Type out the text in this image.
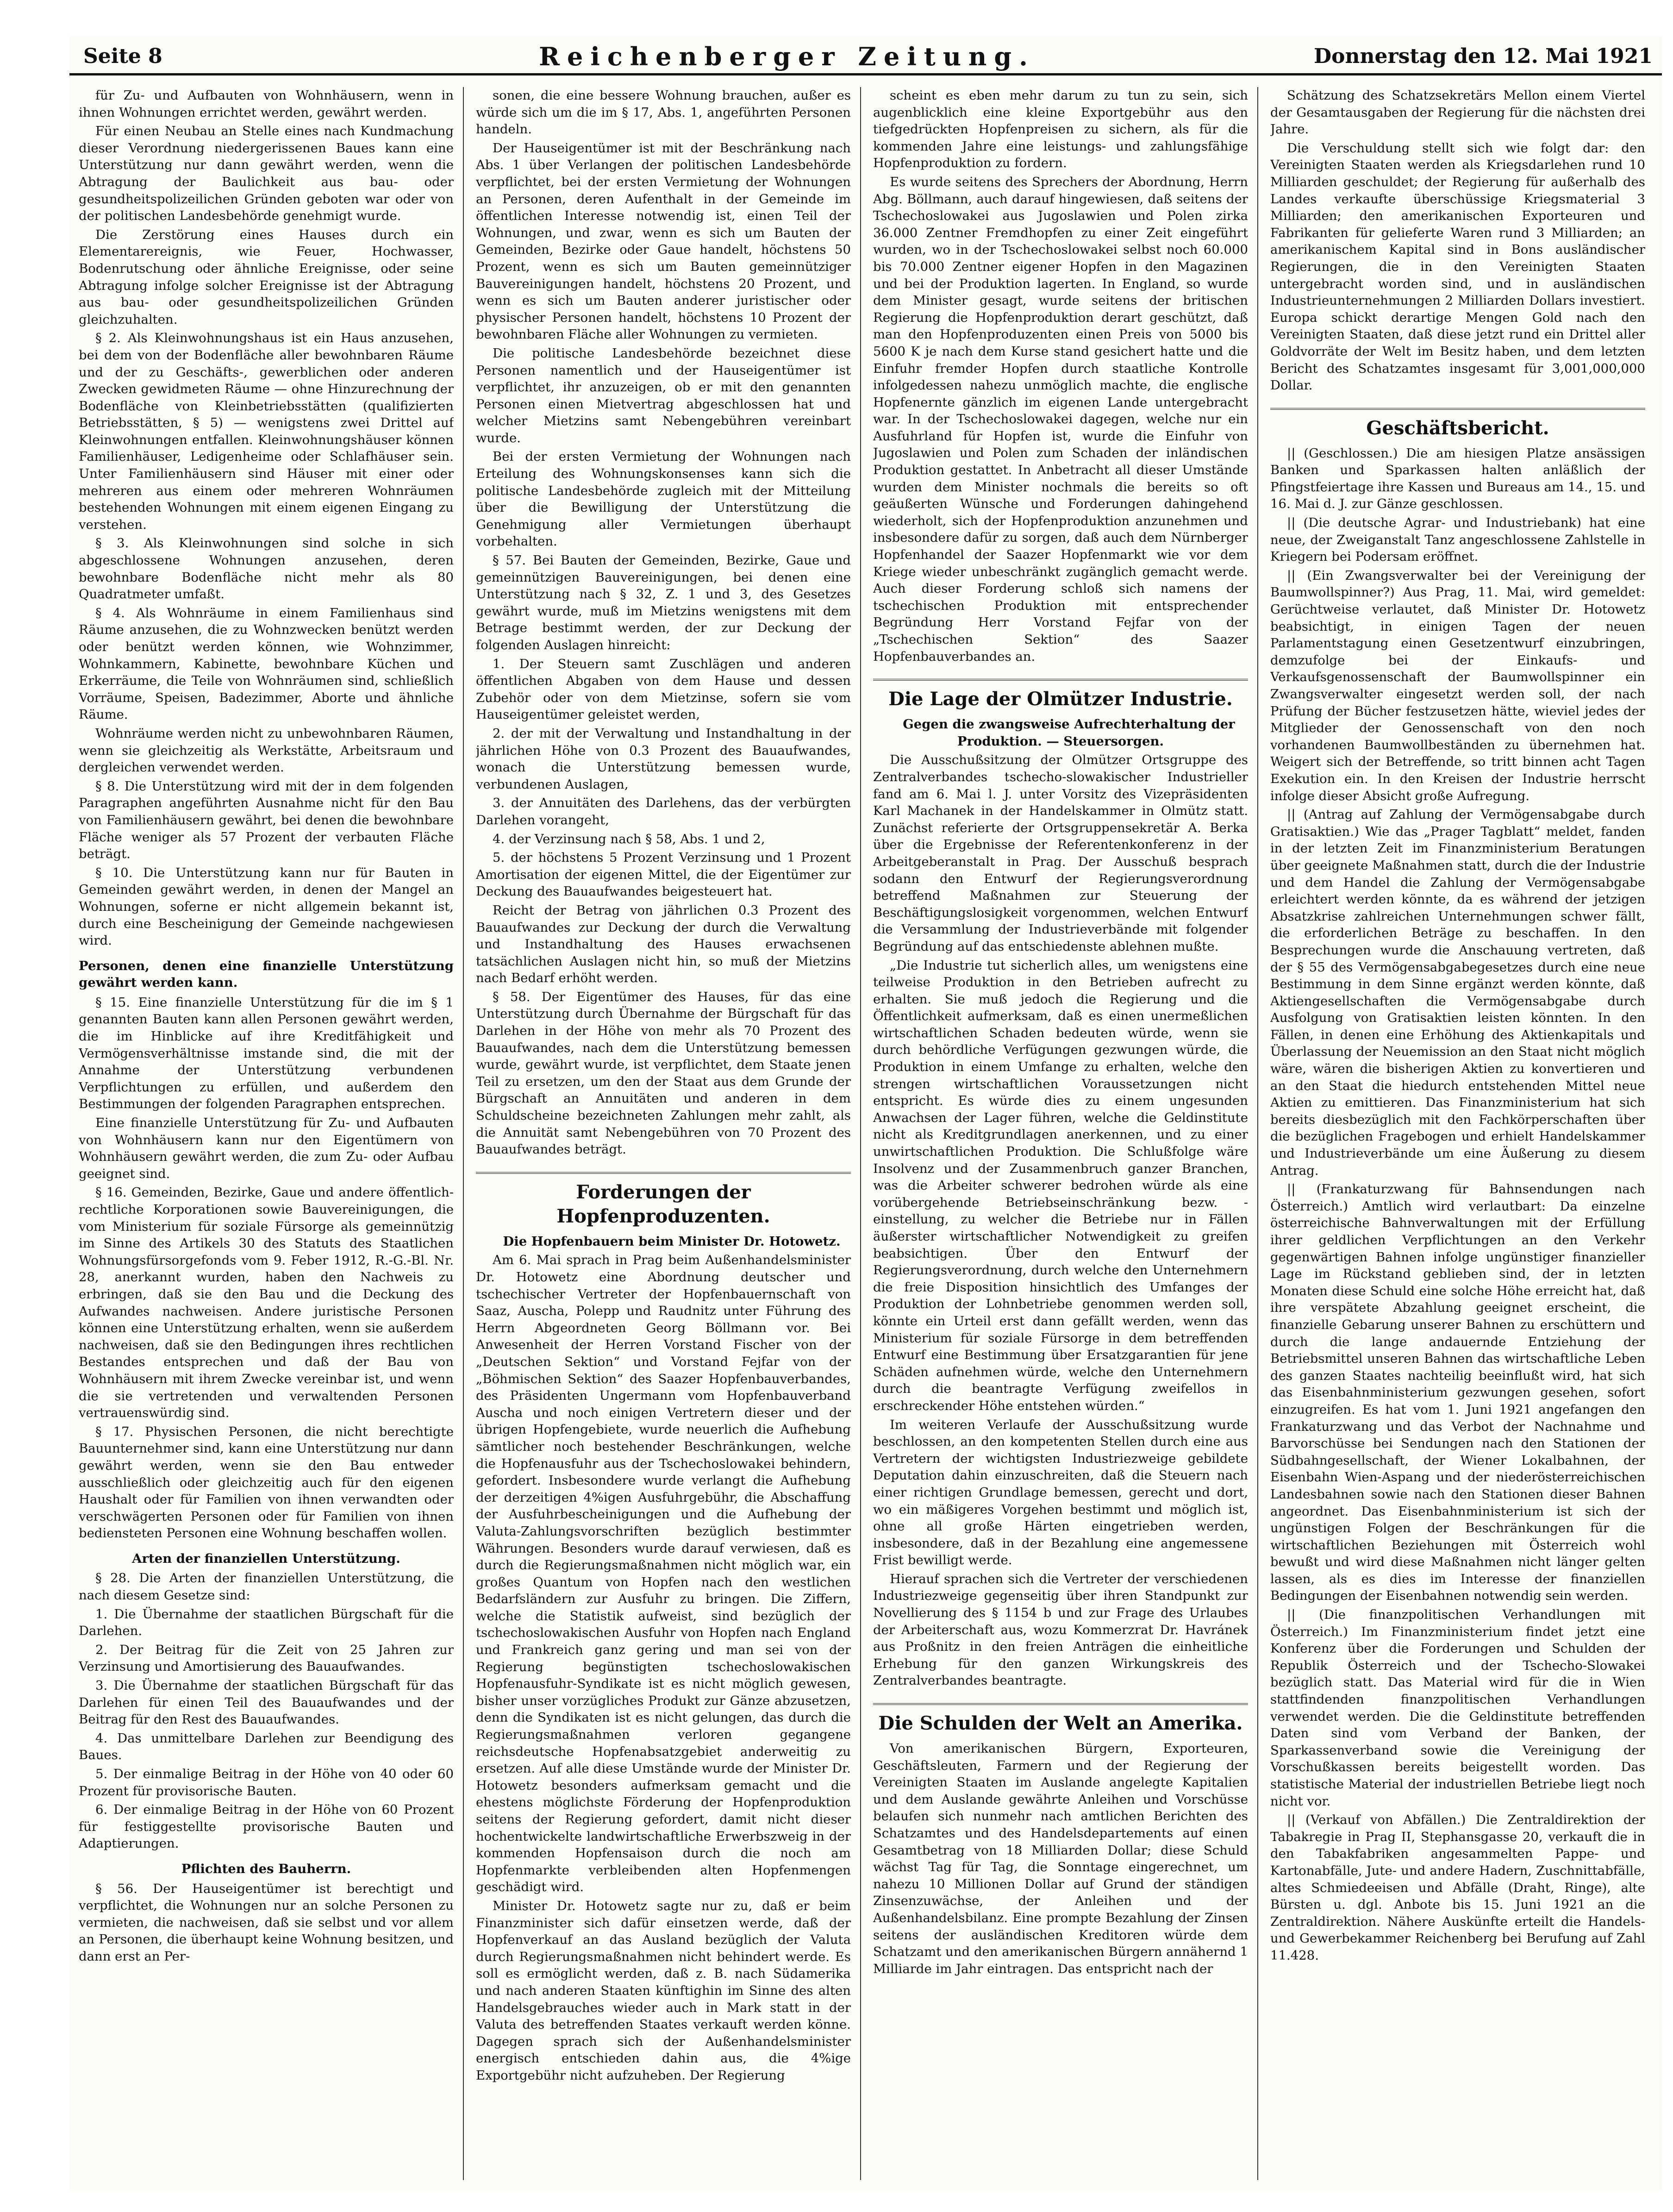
Seite 8	Reichenberger Zeitung.	Donnerstag den 12. Mai 1921

für Zu- und Aufbauten von Wohnhäusern, wenn in ihnen Wohnungen errichtet werden, gewährt werden.

Für einen Neubau an Stelle eines nach Kundmachung dieser Verordnung niedergerissenen Baues kann eine Unterstützung nur dann gewährt werden, wenn die Abtragung der Baulichkeit aus bau- oder gesundheitspolizeilichen Gründen geboten war oder von der politischen Landesbehörde genehmigt wurde.

Die Zerstörung eines Hauses durch ein Elementarereignis, wie Feuer, Hochwasser, Bodenrutschung oder ähnliche Ereignisse, oder seine Abtragung infolge solcher Ereignisse ist der Abtragung aus bau- oder gesundheitspolizeilichen Gründen gleichzuhalten.

§ 2. Als Kleinwohnungshaus ist ein Haus anzusehen, bei dem von der Bodenfläche aller bewohnbaren Räume und der zu Geschäfts-, gewerblichen oder anderen Zwecken gewidmeten Räume — ohne Hinzurechnung der Bodenfläche von Kleinbetriebsstätten (qualifizierten Betriebsstätten, § 5) — wenigstens zwei Drittel auf Kleinwohnungen entfallen. Kleinwohnungshäuser können Familienhäuser, Ledigenheime oder Schlafhäuser sein. Unter Familienhäusern sind Häuser mit einer oder mehreren aus einem oder mehreren Wohnräumen bestehenden Wohnungen mit einem eigenen Eingang zu verstehen.

§ 3. Als Kleinwohnungen sind solche in sich abgeschlossene Wohnungen anzusehen, deren bewohnbare Bodenfläche nicht mehr als 80 Quadratmeter umfaßt.

§ 4. Als Wohnräume in einem Familienhaus sind Räume anzusehen, die zu Wohnzwecken benützt werden oder benützt werden können, wie Wohnzimmer, Wohnkammern, Kabinette, bewohnbare Küchen und Erkerräume, die Teile von Wohnräumen sind, schließlich Vorräume, Speisen, Badezimmer, Aborte und ähnliche Räume.

Wohnräume werden nicht zu unbewohnbaren Räumen, wenn sie gleichzeitig als Werkstätte, Arbeitsraum und dergleichen verwendet werden.

§ 8. Die Unterstützung wird mit der in dem folgenden Paragraphen angeführten Ausnahme nicht für den Bau von Familienhäusern gewährt, bei denen die bewohnbare Fläche weniger als 57 Prozent der verbauten Fläche beträgt.

§ 10. Die Unterstützung kann nur für Bauten in Gemeinden gewährt werden, in denen der Mangel an Wohnungen, soferne er nicht allgemein bekannt ist, durch eine Bescheinigung der Gemeinde nachgewiesen wird.

Personen, denen eine finanzielle Unterstützung gewährt werden kann.

§ 15. Eine finanzielle Unterstützung für die im § 1 genannten Bauten kann allen Personen gewährt werden, die im Hinblicke auf ihre Kreditfähigkeit und Vermögensverhältnisse imstande sind, die mit der Annahme der Unterstützung verbundenen Verpflichtungen zu erfüllen, und außerdem den Bestimmungen der folgenden Paragraphen entsprechen.

Eine finanzielle Unterstützung für Zu- und Aufbauten von Wohnhäusern kann nur den Eigentümern von Wohnhäusern gewährt werden, die zum Zu- oder Aufbau geeignet sind.

§ 16. Gemeinden, Bezirke, Gaue und andere öffentlich-rechtliche Korporationen sowie Bauvereinigungen, die vom Ministerium für soziale Fürsorge als gemeinnützig im Sinne des Artikels 30 des Statuts des Staatlichen Wohnungsfürsorgefonds vom 9. Feber 1912, R.-G.-Bl. Nr. 28, anerkannt wurden, haben den Nachweis zu erbringen, daß sie den Bau und die Deckung des Aufwandes nachweisen. Andere juristische Personen können eine Unterstützung erhalten, wenn sie außerdem nachweisen, daß sie den Bedingungen ihres rechtlichen Bestandes entsprechen und daß der Bau von Wohnhäusern mit ihrem Zwecke vereinbar ist, und wenn die sie vertretenden und verwaltenden Personen vertrauenswürdig sind.

§ 17. Physischen Personen, die nicht berechtigte Bauunternehmer sind, kann eine Unterstützung nur dann gewährt werden, wenn sie den Bau entweder ausschließlich oder gleichzeitig auch für den eigenen Haushalt oder für Familien von ihnen verwandten oder verschwägerten Personen oder für Familien von ihnen bediensteten Personen eine Wohnung beschaffen wollen.

Arten der finanziellen Unterstützung.

§ 28. Die Arten der finanziellen Unterstützung, die nach diesem Gesetze sind:

1. Die Übernahme der staatlichen Bürgschaft für die Darlehen.

2. Der Beitrag für die Zeit von 25 Jahren zur Verzinsung und Amortisierung des Bauaufwandes.

3. Die Übernahme der staatlichen Bürgschaft für das Darlehen für einen Teil des Bauaufwandes und der Beitrag für den Rest des Bauaufwandes.

4. Das unmittelbare Darlehen zur Beendigung des Baues.

5. Der einmalige Beitrag in der Höhe von 40 oder 60 Prozent für provisorische Bauten.

6. Der einmalige Beitrag in der Höhe von 60 Prozent für festiggestellte provisorische Bauten und Adaptierungen.

Pflichten des Bauherrn.

§ 56. Der Hauseigentümer ist berechtigt und verpflichtet, die Wohnungen nur an solche Personen zu vermieten, die nachweisen, daß sie selbst und vor allem an Personen, die überhaupt keine Wohnung besitzen, und dann erst an Per-

sonen, die eine bessere Wohnung brauchen, außer es würde sich um die im § 17, Abs. 1, angeführten Personen handeln.

Der Hauseigentümer ist mit der Beschränkung nach Abs. 1 über Verlangen der politischen Landesbehörde verpflichtet, bei der ersten Vermietung der Wohnungen an Personen, deren Aufenthalt in der Gemeinde im öffentlichen Interesse notwendig ist, einen Teil der Wohnungen, und zwar, wenn es sich um Bauten der Gemeinden, Bezirke oder Gaue handelt, höchstens 50 Prozent, wenn es sich um Bauten gemeinnütziger Bauvereinigungen handelt, höchstens 20 Prozent, und wenn es sich um Bauten anderer juristischer oder physischer Personen handelt, höchstens 10 Prozent der bewohnbaren Fläche aller Wohnungen zu vermieten.

Die politische Landesbehörde bezeichnet diese Personen namentlich und der Hauseigentümer ist verpflichtet, ihr anzuzeigen, ob er mit den genannten Personen einen Mietvertrag abgeschlossen hat und welcher Mietzins samt Nebengebühren vereinbart wurde.

Bei der ersten Vermietung der Wohnungen nach Erteilung des Wohnungskonsenses kann sich die politische Landesbehörde zugleich mit der Mitteilung über die Bewilligung der Unterstützung die Genehmigung aller Vermietungen überhaupt vorbehalten.

§ 57. Bei Bauten der Gemeinden, Bezirke, Gaue und gemeinnützigen Bauvereinigungen, bei denen eine Unterstützung nach § 32, Z. 1 und 3, des Gesetzes gewährt wurde, muß im Mietzins wenigstens mit dem Betrage bestimmt werden, der zur Deckung der folgenden Auslagen hinreicht:

1. Der Steuern samt Zuschlägen und anderen öffentlichen Abgaben von dem Hause und dessen Zubehör oder von dem Mietzinse, sofern sie vom Hauseigentümer geleistet werden,

2. der mit der Verwaltung und Instandhaltung in der jährlichen Höhe von 0.3 Prozent des Bauaufwandes, wonach die Unterstützung bemessen wurde, verbundenen Auslagen,

3. der Annuitäten des Darlehens, das der verbürgten Darlehen vorangeht,

4. der Verzinsung nach § 58, Abs. 1 und 2,

5. der höchstens 5 Prozent Verzinsung und 1 Prozent Amortisation der eigenen Mittel, die der Eigentümer zur Deckung des Bauaufwandes beigesteuert hat.

Reicht der Betrag von jährlichen 0.3 Prozent des Bauaufwandes zur Deckung der durch die Verwaltung und Instandhaltung des Hauses erwachsenen tatsächlichen Auslagen nicht hin, so muß der Mietzins nach Bedarf erhöht werden.

§ 58. Der Eigentümer des Hauses, für das eine Unterstützung durch Übernahme der Bürgschaft für das Darlehen in der Höhe von mehr als 70 Prozent des Bauaufwandes, nach dem die Unterstützung bemessen wurde, gewährt wurde, ist verpflichtet, dem Staate jenen Teil zu ersetzen, um den der Staat aus dem Grunde der Bürgschaft an Annuitäten und anderen in dem Schuldscheine bezeichneten Zahlungen mehr zahlt, als die Annuität samt Nebengebühren von 70 Prozent des Bauaufwandes beträgt.

Forderungen der Hopfenproduzenten.

Die Hopfenbauern beim Minister Dr. Hotowetz.

Am 6. Mai sprach in Prag beim Außenhandelsminister Dr. Hotowetz eine Abordnung deutscher und tschechischer Vertreter der Hopfenbauernschaft von Saaz, Auscha, Polepp und Raudnitz unter Führung des Herrn Abgeordneten Georg Böllmann vor. Bei Anwesenheit der Herren Vorstand Fischer von der „Deutschen Sektion“ und Vorstand Fejfar von der „Böhmischen Sektion“ des Saazer Hopfenbauverbandes, des Präsidenten Ungermann vom Hopfenbauverband Auscha und noch einigen Vertretern dieser und der übrigen Hopfengebiete, wurde neuerlich die Aufhebung sämtlicher noch bestehender Beschränkungen, welche die Hopfenausfuhr aus der Tschechoslowakei behindern, gefordert. Insbesondere wurde verlangt die Aufhebung der derzeitigen 4%igen Ausfuhrgebühr, die Abschaffung der Ausfuhrbescheinigungen und die Aufhebung der Valuta-Zahlungsvorschriften bezüglich bestimmter Währungen. Besonders wurde darauf verwiesen, daß es durch die Regierungsmaßnahmen nicht möglich war, ein großes Quantum von Hopfen nach den westlichen Bedarfsländern zur Ausfuhr zu bringen. Die Ziffern, welche die Statistik aufweist, sind bezüglich der tschechoslowakischen Ausfuhr von Hopfen nach England und Frankreich ganz gering und man sei von der Regierung begünstigten tschechoslowakischen Hopfenausfuhr-Syndikate ist es nicht möglich gewesen, bisher unser vorzügliches Produkt zur Gänze abzusetzen, denn die Syndikaten ist es nicht gelungen, das durch die Regierungsmaßnahmen verloren gegangene reichsdeutsche Hopfenabsatzgebiet anderweitig zu ersetzen. Auf alle diese Umstände wurde der Minister Dr. Hotowetz besonders aufmerksam gemacht und die ehestens möglichste Förderung der Hopfenproduktion seitens der Regierung gefordert, damit nicht dieser hochentwickelte landwirtschaftliche Erwerbszweig in der kommenden Hopfensaison durch die noch am Hopfenmarkte verbleibenden alten Hopfenmengen geschädigt wird.

Minister Dr. Hotowetz sagte nur zu, daß er beim Finanzminister sich dafür einsetzen werde, daß der Hopfenverkauf an das Ausland bezüglich der Valuta durch Regierungsmaßnahmen nicht behindert werde. Es soll es ermöglicht werden, daß z. B. nach Südamerika und nach anderen Staaten künftighin im Sinne des alten Handelsgebrauches wieder auch in Mark statt in der Valuta des betreffenden Staates verkauft werden könne. Dagegen sprach sich der Außenhandelsminister energisch entschieden dahin aus, die 4%ige Exportgebühr nicht aufzuheben. Der Regierung

scheint es eben mehr darum zu tun zu sein, sich augenblicklich eine kleine Exportgebühr aus den tiefgedrückten Hopfenpreisen zu sichern, als für die kommenden Jahre eine leistungs- und zahlungsfähige Hopfenproduktion zu fordern.

Es wurde seitens des Sprechers der Abordnung, Herrn Abg. Böllmann, auch darauf hingewiesen, daß seitens der Tschechoslowakei aus Jugoslawien und Polen zirka 36.000 Zentner Fremdhopfen zu einer Zeit eingeführt wurden, wo in der Tschechoslowakei selbst noch 60.000 bis 70.000 Zentner eigener Hopfen in den Magazinen und bei der Produktion lagerten. In England, so wurde dem Minister gesagt, wurde seitens der britischen Regierung die Hopfenproduktion derart geschützt, daß man den Hopfenproduzenten einen Preis von 5000 bis 5600 K je nach dem Kurse stand gesichert hatte und die Einfuhr fremder Hopfen durch staatliche Kontrolle infolgedessen nahezu unmöglich machte, die englische Hopfenernte gänzlich im eigenen Lande untergebracht war. In der Tschechoslowakei dagegen, welche nur ein Ausfuhrland für Hopfen ist, wurde die Einfuhr von Jugoslawien und Polen zum Schaden der inländischen Produktion gestattet. In Anbetracht all dieser Umstände wurden dem Minister nochmals die bereits so oft geäußerten Wünsche und Forderungen dahingehend wiederholt, sich der Hopfenproduktion anzunehmen und insbesondere dafür zu sorgen, daß auch dem Nürnberger Hopfenhandel der Saazer Hopfenmarkt wie vor dem Kriege wieder unbeschränkt zugänglich gemacht werde. Auch dieser Forderung schloß sich namens der tschechischen Produktion mit entsprechender Begründung Herr Vorstand Fejfar von der „Tschechischen Sektion“ des Saazer Hopfenbauverbandes an.

Die Lage der Olmützer Industrie.

Gegen die zwangsweise Aufrechterhaltung der Produktion. — Steuersorgen.

Die Ausschußsitzung der Olmützer Ortsgruppe des Zentralverbandes tschecho-slowakischer Industrieller fand am 6. Mai l. J. unter Vorsitz des Vizepräsidenten Karl Machanek in der Handelskammer in Olmütz statt. Zunächst referierte der Ortsgruppensekretär A. Berka über die Ergebnisse der Referentenkonferenz in der Arbeitgeberanstalt in Prag. Der Ausschuß besprach sodann den Entwurf der Regierungsverordnung betreffend Maßnahmen zur Steuerung der Beschäftigungslosigkeit vorgenommen, welchen Entwurf die Versammlung der Industrieverbände mit folgender Begründung auf das entschiedenste ablehnen mußte.

„Die Industrie tut sicherlich alles, um wenigstens eine teilweise Produktion in den Betrieben aufrecht zu erhalten. Sie muß jedoch die Regierung und die Öffentlichkeit aufmerksam, daß es einen unermeßlichen wirtschaftlichen Schaden bedeuten würde, wenn sie durch behördliche Verfügungen gezwungen würde, die Produktion in einem Umfange zu erhalten, welche den strengen wirtschaftlichen Voraussetzungen nicht entspricht. Es würde dies zu einem ungesunden Anwachsen der Lager führen, welche die Geldinstitute nicht als Kreditgrundlagen anerkennen, und zu einer unwirtschaftlichen Produktion. Die Schlußfolge wäre Insolvenz und der Zusammenbruch ganzer Branchen, was die Arbeiter schwerer bedrohen würde als eine vorübergehende Betriebseinschränkung bezw. -einstellung, zu welcher die Betriebe nur in Fällen äußerster wirtschaftlicher Notwendigkeit zu greifen beabsichtigen. Über den Entwurf der Regierungsverordnung, durch welche den Unternehmern die freie Disposition hinsichtlich des Umfanges der Produktion der Lohnbetriebe genommen werden soll, könnte ein Urteil erst dann gefällt werden, wenn das Ministerium für soziale Fürsorge in dem betreffenden Entwurf eine Bestimmung über Ersatzgarantien für jene Schäden aufnehmen würde, welche den Unternehmern durch die beantragte Verfügung zweifellos in erschreckender Höhe entstehen würden.“

Im weiteren Verlaufe der Ausschußsitzung wurde beschlossen, an den kompetenten Stellen durch eine aus Vertretern der wichtigsten Industriezweige gebildete Deputation dahin einzuschreiten, daß die Steuern nach einer richtigen Grundlage bemessen, gerecht und dort, wo ein mäßigeres Vorgehen bestimmt und möglich ist, ohne all große Härten eingetrieben werden, insbesondere, daß in der Bezahlung eine angemessene Frist bewilligt werde.

Hierauf sprachen sich die Vertreter der verschiedenen Industriezweige gegenseitig über ihren Standpunkt zur Novellierung des § 1154 b und zur Frage des Urlaubes der Arbeiterschaft aus, wozu Kommerzrat Dr. Havránek aus Proßnitz in den freien Anträgen die einheitliche Erhebung für den ganzen Wirkungskreis des Zentralverbandes beantragte.

Die Schulden der Welt an Amerika.

Von amerikanischen Bürgern, Exporteuren, Geschäftsleuten, Farmern und der Regierung der Vereinigten Staaten im Auslande angelegte Kapitalien und dem Auslande gewährte Anleihen und Vorschüsse belaufen sich nunmehr nach amtlichen Berichten des Schatzamtes und des Handelsdepartements auf einen Gesamtbetrag von 18 Milliarden Dollar; diese Schuld wächst Tag für Tag, die Sonntage eingerechnet, um nahezu 10 Millionen Dollar auf Grund der ständigen Zinsenzuwächse, der Anleihen und der Außenhandelsbilanz. Eine prompte Bezahlung der Zinsen seitens der ausländischen Kreditoren würde dem Schatzamt und den amerikanischen Bürgern annähernd 1 Milliarde im Jahr eintragen. Das entspricht nach der

Schätzung des Schatzsekretärs Mellon einem Viertel der Gesamtausgaben der Regierung für die nächsten drei Jahre.

Die Verschuldung stellt sich wie folgt dar: den Vereinigten Staaten werden als Kriegsdarlehen rund 10 Milliarden geschuldet; der Regierung für außerhalb des Landes verkaufte überschüssige Kriegsmaterial 3 Milliarden; den amerikanischen Exporteuren und Fabrikanten für gelieferte Waren rund 3 Milliarden; an amerikanischem Kapital sind in Bons ausländischer Regierungen, die in den Vereinigten Staaten untergebracht worden sind, und in ausländischen Industrieunternehmungen 2 Milliarden Dollars investiert. Europa schickt derartige Mengen Gold nach den Vereinigten Staaten, daß diese jetzt rund ein Drittel aller Goldvorräte der Welt im Besitz haben, und dem letzten Bericht des Schatzamtes insgesamt für 3,001,000,000 Dollar.

Geschäftsbericht.

|| (Geschlossen.) Die am hiesigen Platze ansässigen Banken und Sparkassen halten anläßlich der Pfingstfeiertage ihre Kassen und Bureaus am 14., 15. und 16. Mai d. J. zur Gänze geschlossen.

|| (Die deutsche Agrar- und Industriebank) hat eine neue, der Zweiganstalt Tanz angeschlossene Zahlstelle in Kriegern bei Podersam eröffnet.

|| (Ein Zwangsverwalter bei der Vereinigung der Baumwollspinner?) Aus Prag, 11. Mai, wird gemeldet: Gerüchtweise verlautet, daß Minister Dr. Hotowetz beabsichtigt, in einigen Tagen der neuen Parlamentstagung einen Gesetzentwurf einzubringen, demzufolge bei der Einkaufs- und Verkaufsgenossenschaft der Baumwollspinner ein Zwangsverwalter eingesetzt werden soll, der nach Prüfung der Bücher festzusetzen hätte, wieviel jedes der Mitglieder der Genossenschaft von den noch vorhandenen Baumwollbeständen zu übernehmen hat. Weigert sich der Betreffende, so tritt binnen acht Tagen Exekution ein. In den Kreisen der Industrie herrscht infolge dieser Absicht große Aufregung.

|| (Antrag auf Zahlung der Vermögensabgabe durch Gratisaktien.) Wie das „Prager Tagblatt“ meldet, fanden in der letzten Zeit im Finanzministerium Beratungen über geeignete Maßnahmen statt, durch die der Industrie und dem Handel die Zahlung der Vermögensabgabe erleichtert werden könnte, da es während der jetzigen Absatzkrise zahlreichen Unternehmungen schwer fällt, die erforderlichen Beträge zu beschaffen. In den Besprechungen wurde die Anschauung vertreten, daß der § 55 des Vermögensabgabegesetzes durch eine neue Bestimmung in dem Sinne ergänzt werden könnte, daß Aktiengesellschaften die Vermögensabgabe durch Ausfolgung von Gratisaktien leisten könnten. In den Fällen, in denen eine Erhöhung des Aktienkapitals und Überlassung der Neuemission an den Staat nicht möglich wäre, wären die bisherigen Aktien zu konvertieren und an den Staat die hiedurch entstehenden Mittel neue Aktien zu emittieren. Das Finanzministerium hat sich bereits diesbezüglich mit den Fachkörperschaften über die bezüglichen Fragebogen und erhielt Handelskammer und Industrieverbände um eine Äußerung zu diesem Antrag.

|| (Frankaturzwang für Bahnsendungen nach Österreich.) Amtlich wird verlautbart: Da einzelne österreichische Bahnverwaltungen mit der Erfüllung ihrer geldlichen Verpflichtungen an den Verkehr gegenwärtigen Bahnen infolge ungünstiger finanzieller Lage im Rückstand geblieben sind, der in letzten Monaten diese Schuld eine solche Höhe erreicht hat, daß ihre verspätete Abzahlung geeignet erscheint, die finanzielle Gebarung unserer Bahnen zu erschüttern und durch die lange andauernde Entziehung der Betriebsmittel unseren Bahnen das wirtschaftliche Leben des ganzen Staates nachteilig beeinflußt wird, hat sich das Eisenbahnministerium gezwungen gesehen, sofort einzugreifen. Es hat vom 1. Juni 1921 angefangen den Frankaturzwang und das Verbot der Nachnahme und Barvorschüsse bei Sendungen nach den Stationen der Südbahngesellschaft, der Wiener Lokalbahnen, der Eisenbahn Wien-Aspang und der niederösterreichischen Landesbahnen sowie nach den Stationen dieser Bahnen angeordnet. Das Eisenbahnministerium ist sich der ungünstigen Folgen der Beschränkungen für die wirtschaftlichen Beziehungen mit Österreich wohl bewußt und wird diese Maßnahmen nicht länger gelten lassen, als es dies im Interesse der finanziellen Bedingungen der Eisenbahnen notwendig sein werden.

|| (Die finanzpolitischen Verhandlungen mit Österreich.) Im Finanzministerium findet jetzt eine Konferenz über die Forderungen und Schulden der Republik Österreich und der Tschecho-Slowakei bezüglich statt. Das Material wird für die in Wien stattfindenden finanzpolitischen Verhandlungen verwendet werden. Die die Geldinstitute betreffenden Daten sind vom Verband der Banken, der Sparkassenverband sowie die Vereinigung der Vorschußkassen bereits beigestellt worden. Das statistische Material der industriellen Betriebe liegt noch nicht vor.

|| (Verkauf von Abfällen.) Die Zentraldirektion der Tabakregie in Prag II, Stephansgasse 20, verkauft die in den Tabakfabriken angesammelten Pappe- und Kartonabfälle, Jute- und andere Hadern, Zuschnittabfälle, altes Schmiedeeisen und Abfälle (Draht, Ringe), alte Bürsten u. dgl. Anbote bis 15. Juni 1921 an die Zentraldirektion. Nähere Auskünfte erteilt die Handels- und Gewerbekammer Reichenberg bei Berufung auf Zahl 11.428.
